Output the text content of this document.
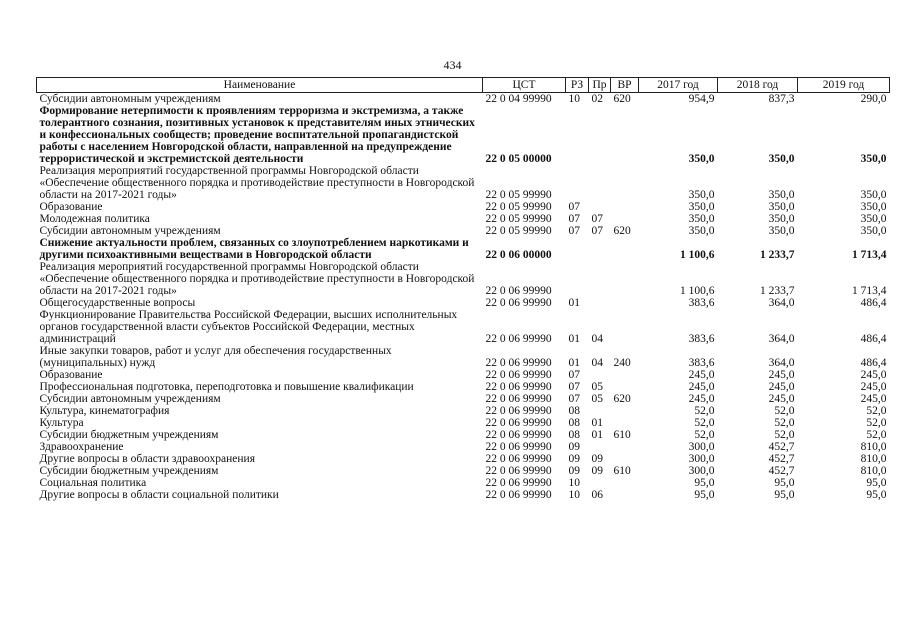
434
Наименование	ЦСТ	РЗ	Пр	ВР	2017 год	2018 год	2019 год
Субсидии автономным учреждениям	22 0 04 99990	10	02	620	954,9	837,3	290,0
Формирование нетерпимости к проявлениям терроризма и экстремизма, а также толерантного сознания, позитивных установок к представителям иных этнических и конфессиональных сообществ; проведение воспитательной пропагандистской работы с населением Новгородской области, направленной на предупреждение террористической и экстремистской деятельности	22 0 05 00000				350,0	350,0	350,0
Реализация мероприятий государственной программы Новгородской области «Обеспечение общественного порядка и противодействие преступности в Новгородской области на 2017-2021 годы»	22 0 05 99990				350,0	350,0	350,0
Образование	22 0 05 99990	07			350,0	350,0	350,0
Молодежная политика	22 0 05 99990	07	07		350,0	350,0	350,0
Субсидии автономным учреждениям	22 0 05 99990	07	07	620	350,0	350,0	350,0
Снижение актуальности проблем, связанных со злоупотреблением наркотиками и другими психоактивными веществами в Новгородской области	22 0 06 00000				1 100,6	1 233,7	1 713,4
Реализация мероприятий государственной программы Новгородской области «Обеспечение общественного порядка и противодействие преступности в Новгородской области на 2017-2021 годы»	22 0 06 99990				1 100,6	1 233,7	1 713,4
Общегосударственные вопросы	22 0 06 99990	01			383,6	364,0	486,4
Функционирование Правительства Российской Федерации, высших исполнительных органов государственной власти субъектов Российской Федерации, местных администраций	22 0 06 99990	01	04		383,6	364,0	486,4
Иные закупки товаров, работ и услуг для обеспечения государственных (муниципальных) нужд	22 0 06 99990	01	04	240	383,6	364,0	486,4
Образование	22 0 06 99990	07			245,0	245,0	245,0
Профессиональная подготовка, переподготовка и повышение квалификации	22 0 06 99990	07	05		245,0	245,0	245,0
Субсидии автономным учреждениям	22 0 06 99990	07	05	620	245,0	245,0	245,0
Культура, кинематография	22 0 06 99990	08			52,0	52,0	52,0
Культура	22 0 06 99990	08	01		52,0	52,0	52,0
Субсидии бюджетным учреждениям	22 0 06 99990	08	01	610	52,0	52,0	52,0
Здравоохранение	22 0 06 99990	09			300,0	452,7	810,0
Другие вопросы в области здравоохранения	22 0 06 99990	09	09		300,0	452,7	810,0
Субсидии бюджетным учреждениям	22 0 06 99990	09	09	610	300,0	452,7	810,0
Социальная политика	22 0 06 99990	10			95,0	95,0	95,0
Другие вопросы в области социальной политики	22 0 06 99990	10	06		95,0	95,0	95,0
